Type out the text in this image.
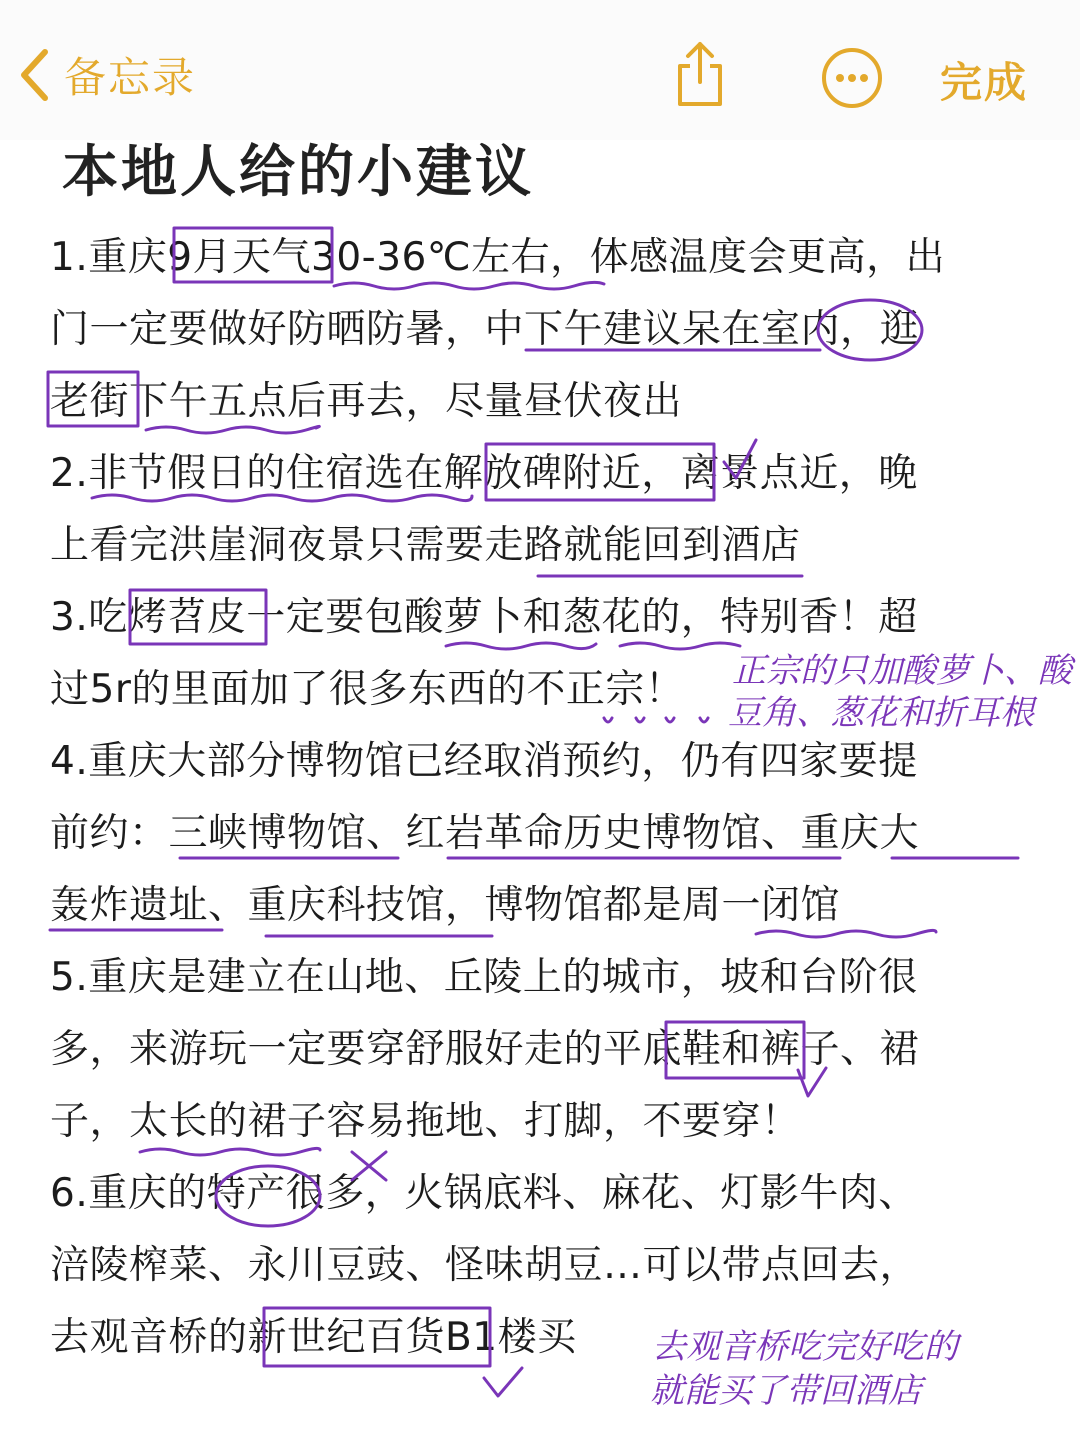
备忘录	完成
本地人给的小建议
1.重庆9月天气30-36℃左右，体感温度会更高，出
门一定要做好防晒防暑，中下午建议呆在室内，逛
老街下午五点后再去，尽量昼伏夜出
2.非节假日的住宿选在解放碑附近，离景点近，晚
上看完洪崖洞夜景只需要走路就能回到酒店
3.吃烤苕皮一定要包酸萝卜和葱花的，特别香！超
过5r的里面加了很多东西的不正宗！
4.重庆大部分博物馆已经取消预约，仍有四家要提
前约：三峡博物馆、红岩革命历史博物馆、重庆大
轰炸遗址、重庆科技馆，博物馆都是周一闭馆
5.重庆是建立在山地、丘陵上的城市，坡和台阶很
多，来游玩一定要穿舒服好走的平底鞋和裤子、裙
子，太长的裙子容易拖地、打脚，不要穿！
6.重庆的特产很多，火锅底料、麻花、灯影牛肉、
涪陵榨菜、永川豆豉、怪味胡豆…可以带点回去，
去观音桥的新世纪百货B1楼买
正宗的只加酸萝卜、酸
豆角、葱花和折耳根
去观音桥吃完好吃的
就能买了带回酒店
